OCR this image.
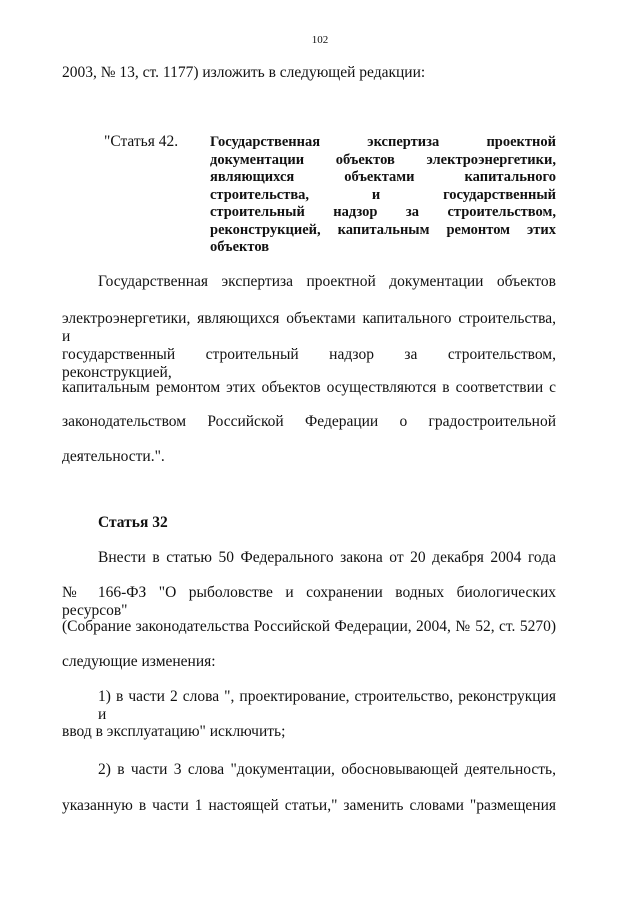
102
2003, № 13, ст. 1177) изложить в следующей редакции:
"Статья 42. Государственная экспертиза проектной
документации объектов электроэнергетики,
являющихся объектами капитального
строительства, и государственный
строительный надзор за строительством,
реконструкцией, капитальным ремонтом этих
объектов
Государственная экспертиза проектной документации объектов
электроэнергетики, являющихся объектами капитального строительства, и
государственный строительный надзор за строительством, реконструкцией,
капитальным ремонтом этих объектов осуществляются в соответствии с
законодательством Российской Федерации о градостроительной
деятельности.".
Статья 32
Внести в статью 50 Федерального закона от 20 декабря 2004 года
№ 166-ФЗ "О рыболовстве и сохранении водных биологических ресурсов"
(Собрание законодательства Российской Федерации, 2004, № 52, ст. 5270)
следующие изменения:
1) в части 2 слова ", проектирование, строительство, реконструкция и
ввод в эксплуатацию" исключить;
2) в части 3 слова "документации, обосновывающей деятельность,
указанную в части 1 настоящей статьи," заменить словами "размещения
